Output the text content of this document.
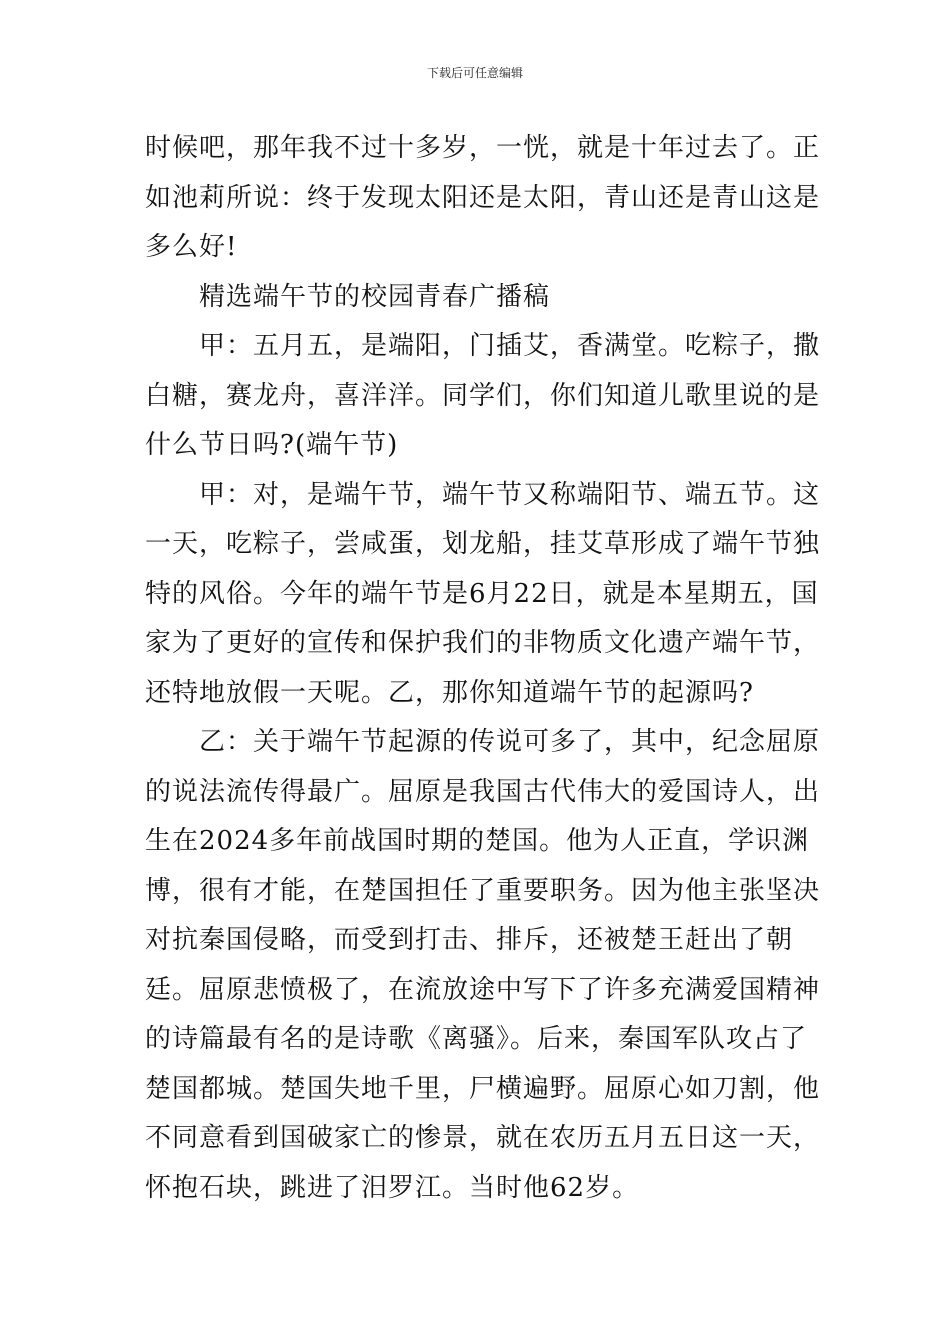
下载后可任意编辑

时候吧，那年我不过十多岁，一恍，就是十年过去了。正如池莉所说：终于发现太阳还是太阳，青山还是青山这是多么好!

精选端午节的校园青春广播稿

甲：五月五，是端阳，门插艾，香满堂。吃粽子，撒白糖，赛龙舟，喜洋洋。同学们，你们知道儿歌里说的是什么节日吗?(端午节)

甲：对，是端午节，端午节又称端阳节、端五节。这一天，吃粽子，尝咸蛋，划龙船，挂艾草形成了端午节独特的风俗。今年的端午节是6月22日，就是本星期五，国家为了更好的宣传和保护我们的非物质文化遗产端午节，还特地放假一天呢。乙，那你知道端午节的起源吗?

乙：关于端午节起源的传说可多了，其中，纪念屈原的说法流传得最广。屈原是我国古代伟大的爱国诗人，出生在2024多年前战国时期的楚国。他为人正直，学识渊博，很有才能，在楚国担任了重要职务。因为他主张坚决对抗秦国侵略，而受到打击、排斥，还被楚王赶出了朝廷。屈原悲愤极了，在流放途中写下了许多充满爱国精神的诗篇最有名的是诗歌《离骚》。后来，秦国军队攻占了楚国都城。楚国失地千里，尸横遍野。屈原心如刀割，他不同意看到国破家亡的惨景，就在农历五月五日这一天，怀抱石块，跳进了汨罗江。当时他62岁。
